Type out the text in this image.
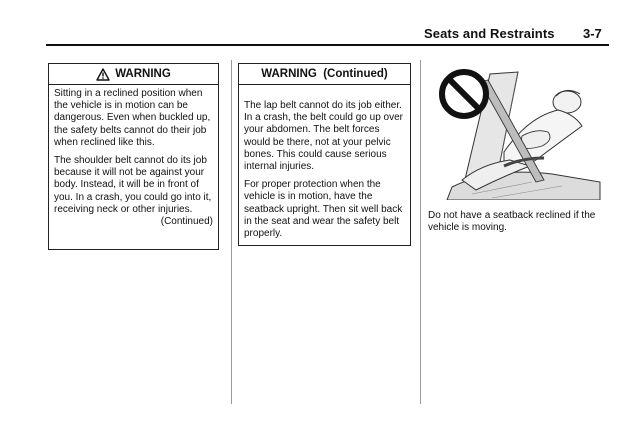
Seats and Restraints 3-7
WARNING

Sitting in a reclined position when the vehicle is in motion can be dangerous. Even when buckled up, the safety belts cannot do their job when reclined like this.

The shoulder belt cannot do its job because it will not be against your body. Instead, it will be in front of you. In a crash, you could go into it, receiving neck or other injuries.

(Continued)
WARNING  (Continued)

The lap belt cannot do its job either. In a crash, the belt could go up over your abdomen. The belt forces would be there, not at your pelvic bones. This could cause serious internal injuries.

For proper protection when the vehicle is in motion, have the seatback upright. Then sit well back in the seat and wear the safety belt properly.

Do not have a seatback reclined if the vehicle is moving.
